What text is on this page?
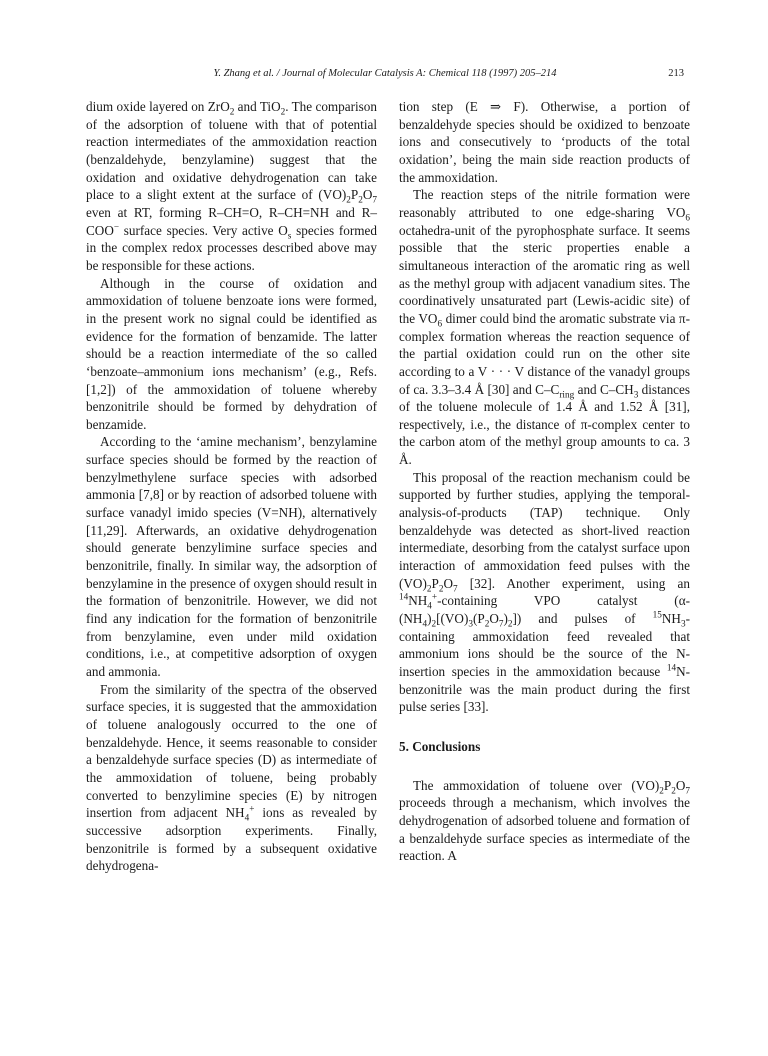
Y. Zhang et al. / Journal of Molecular Catalysis A: Chemical 118 (1997) 205–214	213

dium oxide layered on ZrO$_2$ and TiO$_2$. The comparison of the adsorption of toluene with that of potential reaction intermediates of the ammoxidation reaction (benzaldehyde, benzylamine) suggest that the oxidation and oxidative dehydrogenation can take place to a slight extent at the surface of $(VO)_2P_2O_7$ even at RT, forming R–CH=O, R–CH=NH and R–COO− surface species. Very active $O_s$ species formed in the complex redox processes described above may be responsible for these actions.

Although in the course of oxidation and ammoxidation of toluene benzoate ions were formed, in the present work no signal could be identified as evidence for the formation of benzamide. The latter should be a reaction intermediate of the so called ‘benzoate–ammonium ions mechanism’ (e.g., Refs. [1,2]) of the ammoxidation of toluene whereby benzonitrile should be formed by dehydration of benzamide.

According to the ‘amine mechanism’, benzylamine surface species should be formed by the reaction of benzylmethylene surface species with adsorbed ammonia [7,8] or by reaction of adsorbed toluene with surface vanadyl imido species (V=NH), alternatively [11,29]. Afterwards, an oxidative dehydrogenation should generate benzylimine surface species and benzonitrile, finally. In similar way, the adsorption of benzylamine in the presence of oxygen should result in the formation of benzonitrile. However, we did not find any indication for the formation of benzonitrile from benzylamine, even under mild oxidation conditions, i.e., at competitive adsorption of oxygen and ammonia.

From the similarity of the spectra of the observed surface species, it is suggested that the ammoxidation of toluene analogously occurred to the one of benzaldehyde. Hence, it seems reasonable to consider a benzaldehyde surface species (D) as intermediate of the ammoxidation of toluene, being probably converted to benzylimine species (E) by nitrogen insertion from adjacent $NH_4^+$ ions as revealed by successive adsorption experiments. Finally, benzonitrile is formed by a subsequent oxidative dehydrogena-

tion step (E ⇒ F). Otherwise, a portion of benzaldehyde species should be oxidized to benzoate ions and consecutively to ‘products of the total oxidation’, being the main side reaction products of the ammoxidation.

The reaction steps of the nitrile formation were reasonably attributed to one edge-sharing $VO_6$ octahedra-unit of the pyrophosphate surface. It seems possible that the steric properties enable a simultaneous interaction of the aromatic ring as well as the methyl group with adjacent vanadium sites. The coordinatively unsaturated part (Lewis-acidic site) of the $VO_6$ dimer could bind the aromatic substrate via π-complex formation whereas the reaction sequence of the partial oxidation could run on the other site according to a V · · · V distance of the vanadyl groups of ca. 3.3–3.4 Å [30] and $C-C_{ring}$ and $C-CH_3$ distances of the toluene molecule of 1.4 Å and 1.52 Å [31], respectively, i.e., the distance of π-complex center to the carbon atom of the methyl group amounts to ca. 3 Å.

This proposal of the reaction mechanism could be supported by further studies, applying the temporal-analysis-of-products (TAP) technique. Only benzaldehyde was detected as short-lived reaction intermediate, desorbing from the catalyst surface upon interaction of ammoxidation feed pulses with the $(VO)_2P_2O_7$ [32]. Another experiment, using an $^{14}NH_4^+$-containing VPO catalyst $(\alpha-(NH_4)_2[(VO)_3(P_2O_7)_2])$ and pulses of $^{15}NH_3$-containing ammoxidation feed revealed that ammonium ions should be the source of the N-insertion species in the ammoxidation because $^{14}$N-benzonitrile was the main product during the first pulse series [33].

5. Conclusions

The ammoxidation of toluene over $(VO)_2P_2O_7$ proceeds through a mechanism, which involves the dehydrogenation of adsorbed toluene and formation of a benzaldehyde surface species as intermediate of the reaction. A
